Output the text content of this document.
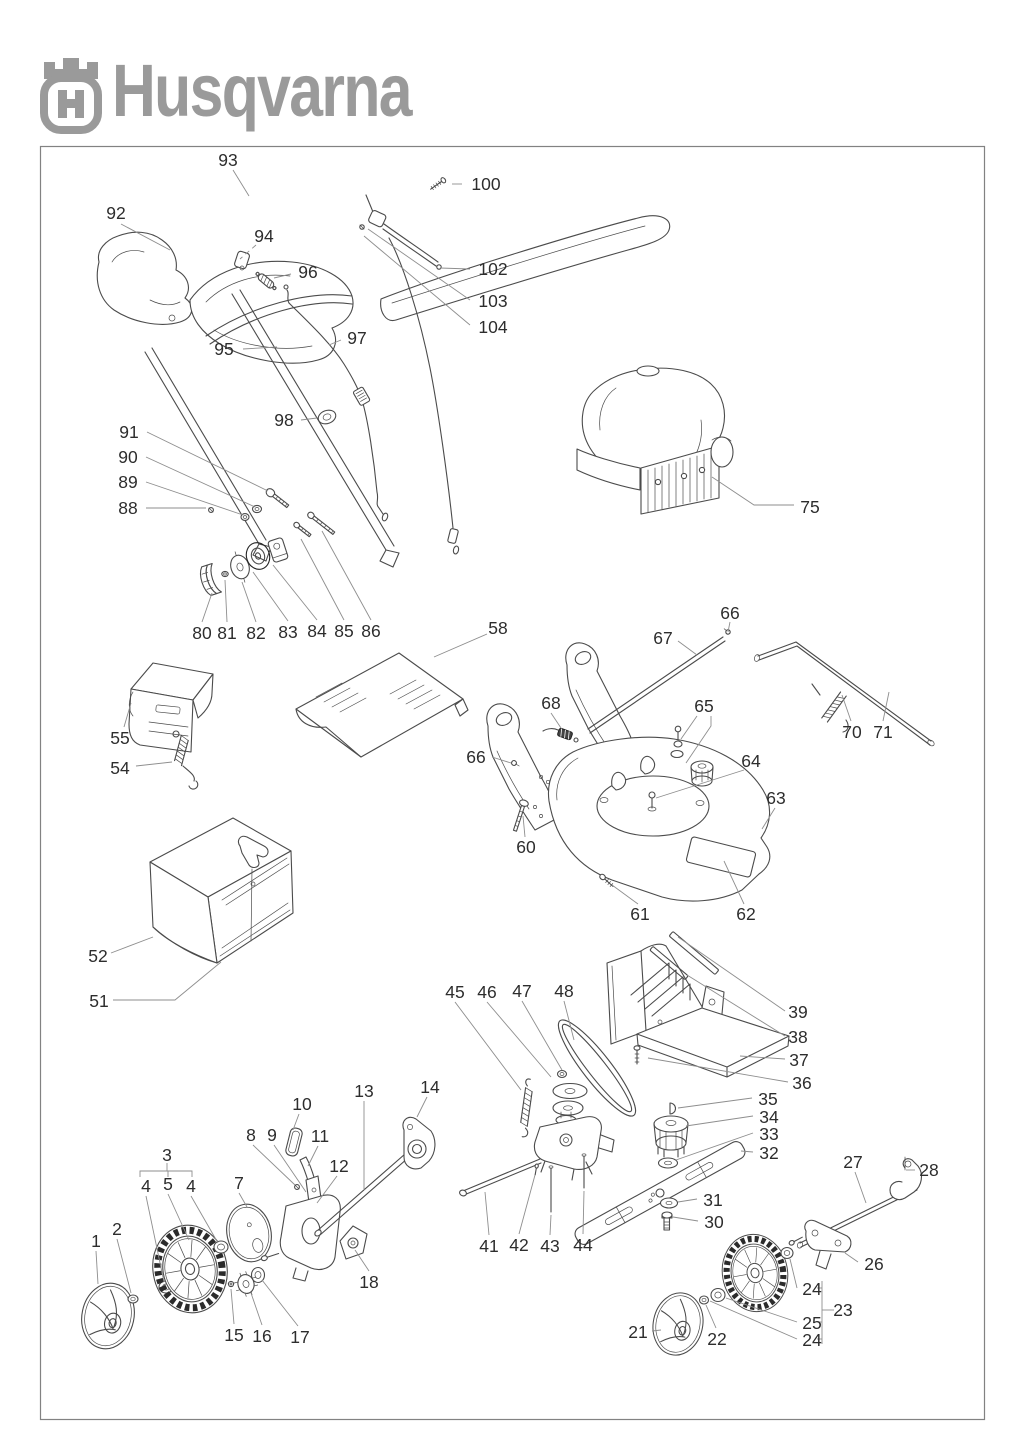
Husqvarna
93
100
92
94
96	102
103
104
97
95
98
91
90
89
88
80 81 82 83 84 85 86
75
58
55
54
66
66
67
68	65
64
63
60
61	62
52
51	45 46 47 48
39
38
37
36
35
34
33
32
31
30
10
13	14
8 9 11
12
3
4 5 4 7
2
1
15 16 17
18
41 42 43 44
21	22
24
23
25
24
26
27	28
70 71
